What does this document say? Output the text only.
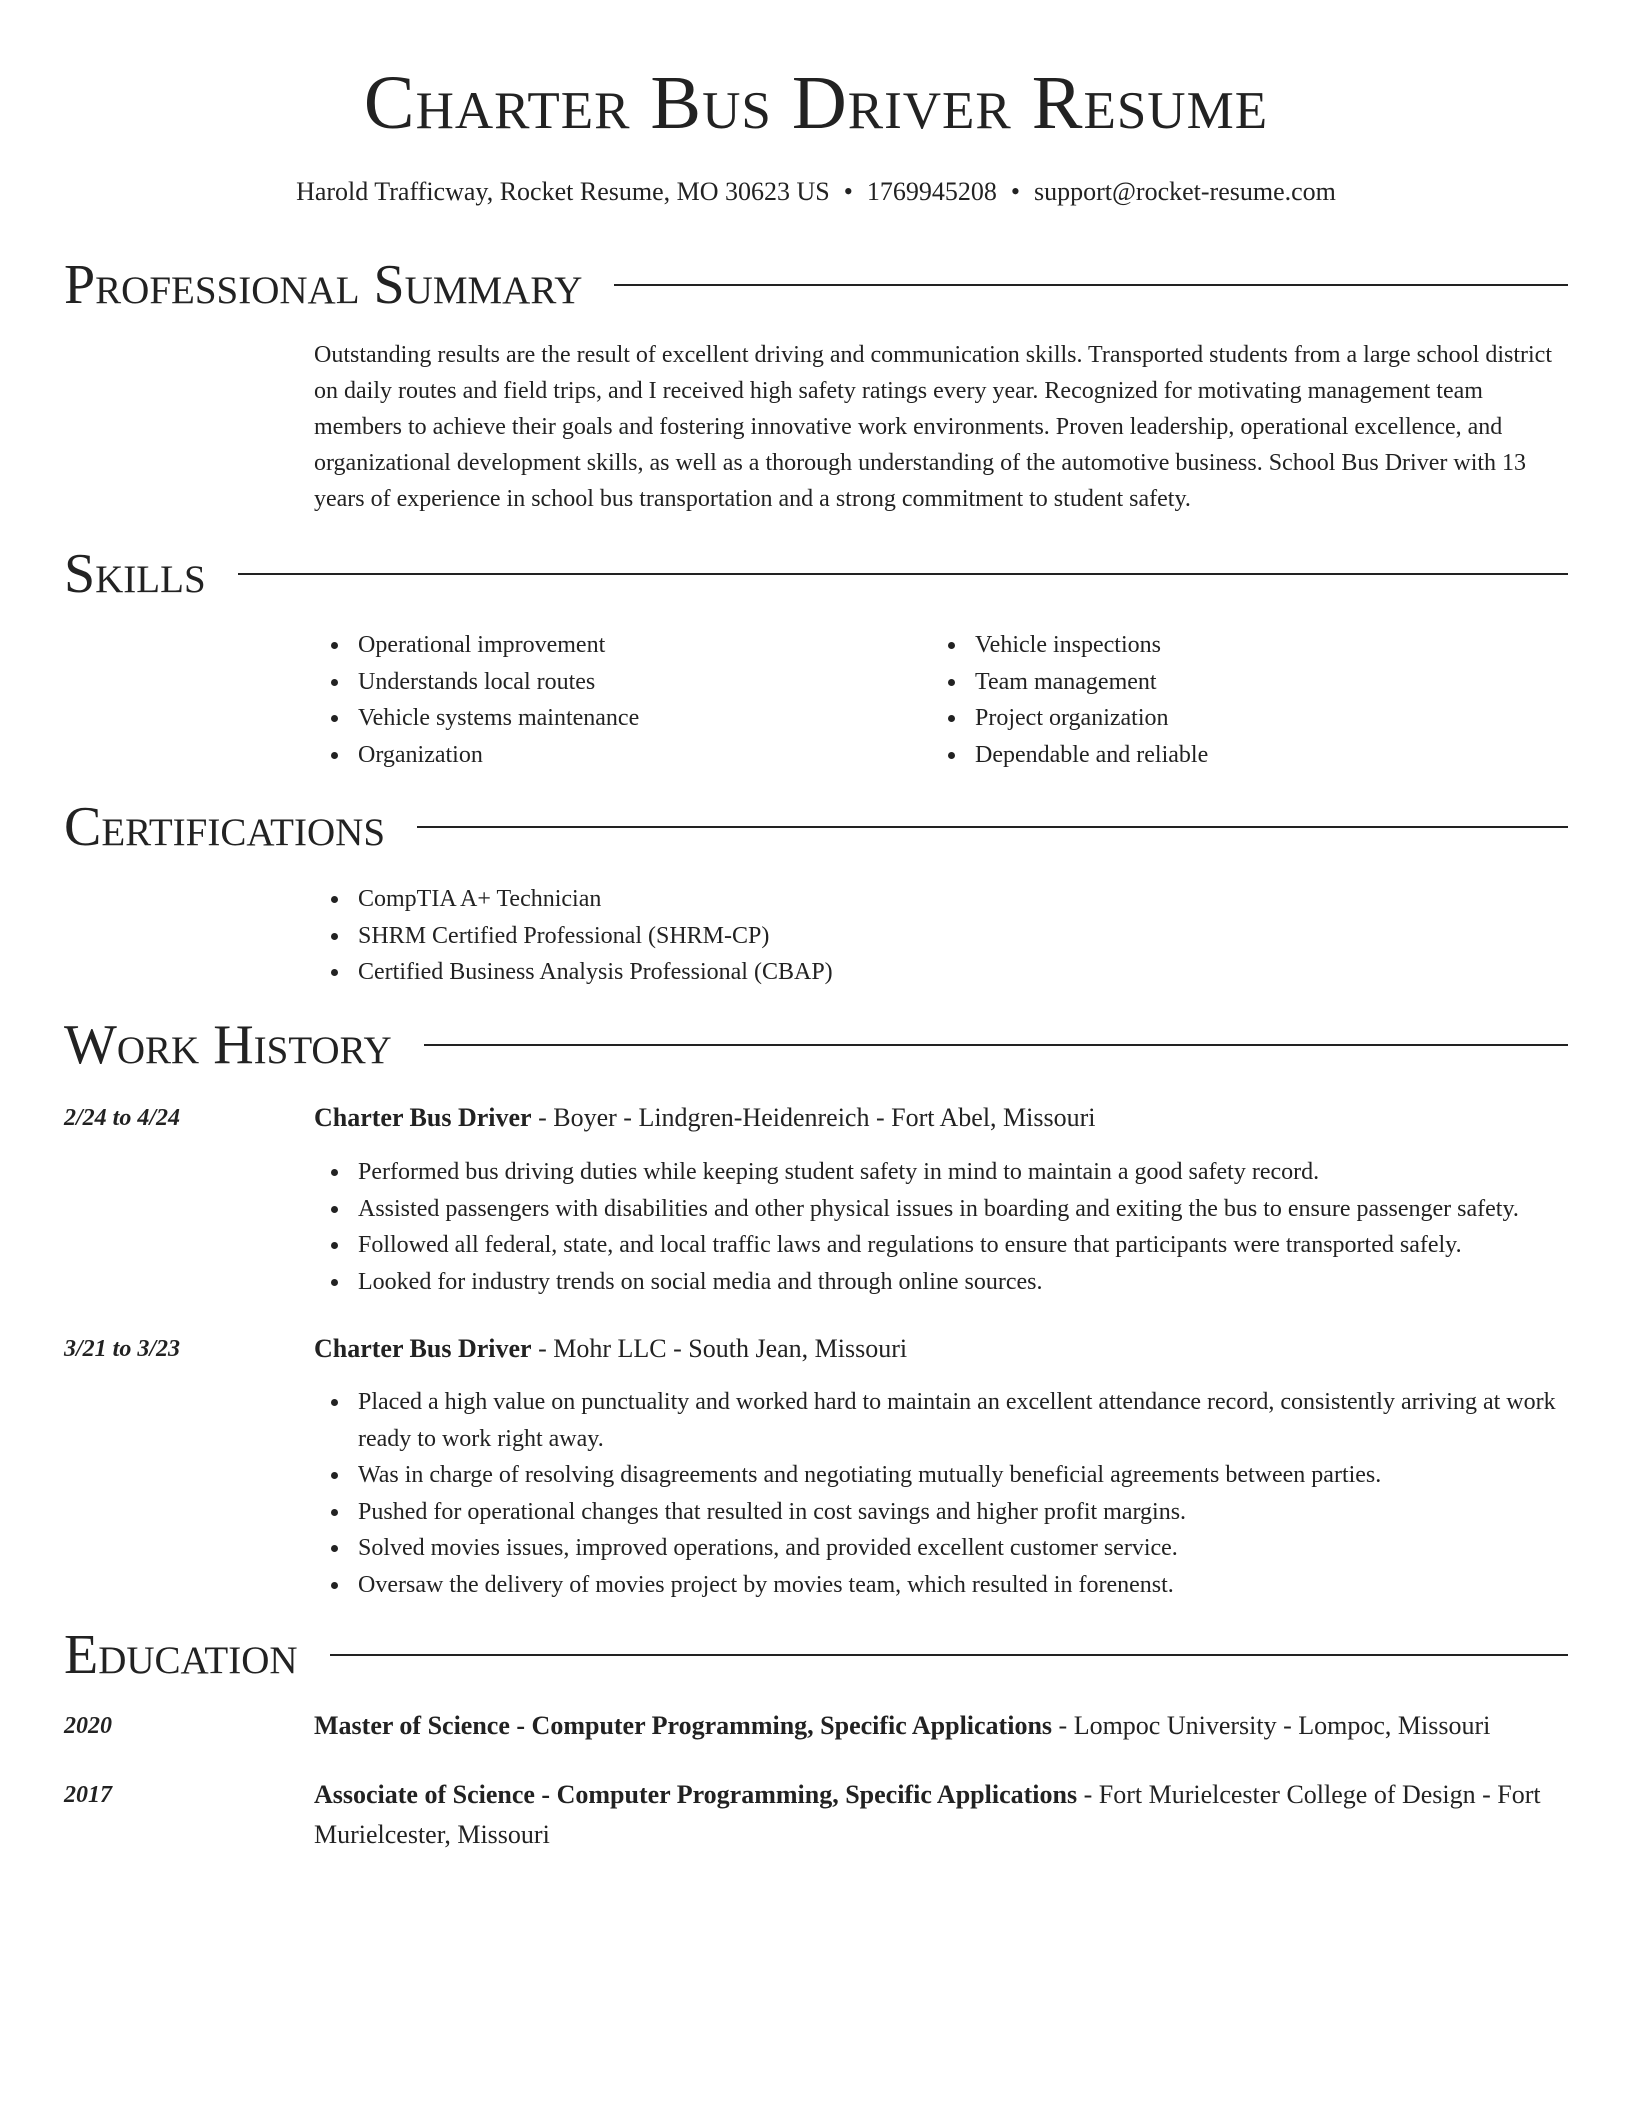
Charter Bus Driver Resume
Harold Trafficway, Rocket Resume, MO 30623 US • 1769945208 • support@rocket-resume.com
Professional Summary

Outstanding results are the result of excellent driving and communication skills. Transported students from a large school district on daily routes and field trips, and I received high safety ratings every year. Recognized for motivating management team members to achieve their goals and fostering innovative work environments. Proven leadership, operational excellence, and organizational development skills, as well as a thorough understanding of the automotive business. School Bus Driver with 13 years of experience in school bus transportation and a strong commitment to student safety.

Skills
Operational improvement
Understands local routes
Vehicle systems maintenance
Organization
Vehicle inspections
Team management
Project organization
Dependable and reliable
Certifications
CompTIA A+ Technician
SHRM Certified Professional (SHRM-CP)
Certified Business Analysis Professional (CBAP)
Work History
2/24 to 4/24	Charter Bus Driver - Boyer - Lindgren-Heidenreich - Fort Abel, Missouri
Performed bus driving duties while keeping student safety in mind to maintain a good safety record.
Assisted passengers with disabilities and other physical issues in boarding and exiting the bus to ensure passenger safety.
Followed all federal, state, and local traffic laws and regulations to ensure that participants were transported safely.
Looked for industry trends on social media and through online sources.
3/21 to 3/23	Charter Bus Driver - Mohr LLC - South Jean, Missouri
Placed a high value on punctuality and worked hard to maintain an excellent attendance record, consistently arriving at work ready to work right away.
Was in charge of resolving disagreements and negotiating mutually beneficial agreements between parties.
Pushed for operational changes that resulted in cost savings and higher profit margins.
Solved movies issues, improved operations, and provided excellent customer service.
Oversaw the delivery of movies project by movies team, which resulted in forenenst.
Education
2020	Master of Science - Computer Programming, Specific Applications - Lompoc University - Lompoc, Missouri
2017	Associate of Science - Computer Programming, Specific Applications - Fort Murielcester College of Design - Fort Murielcester, Missouri
